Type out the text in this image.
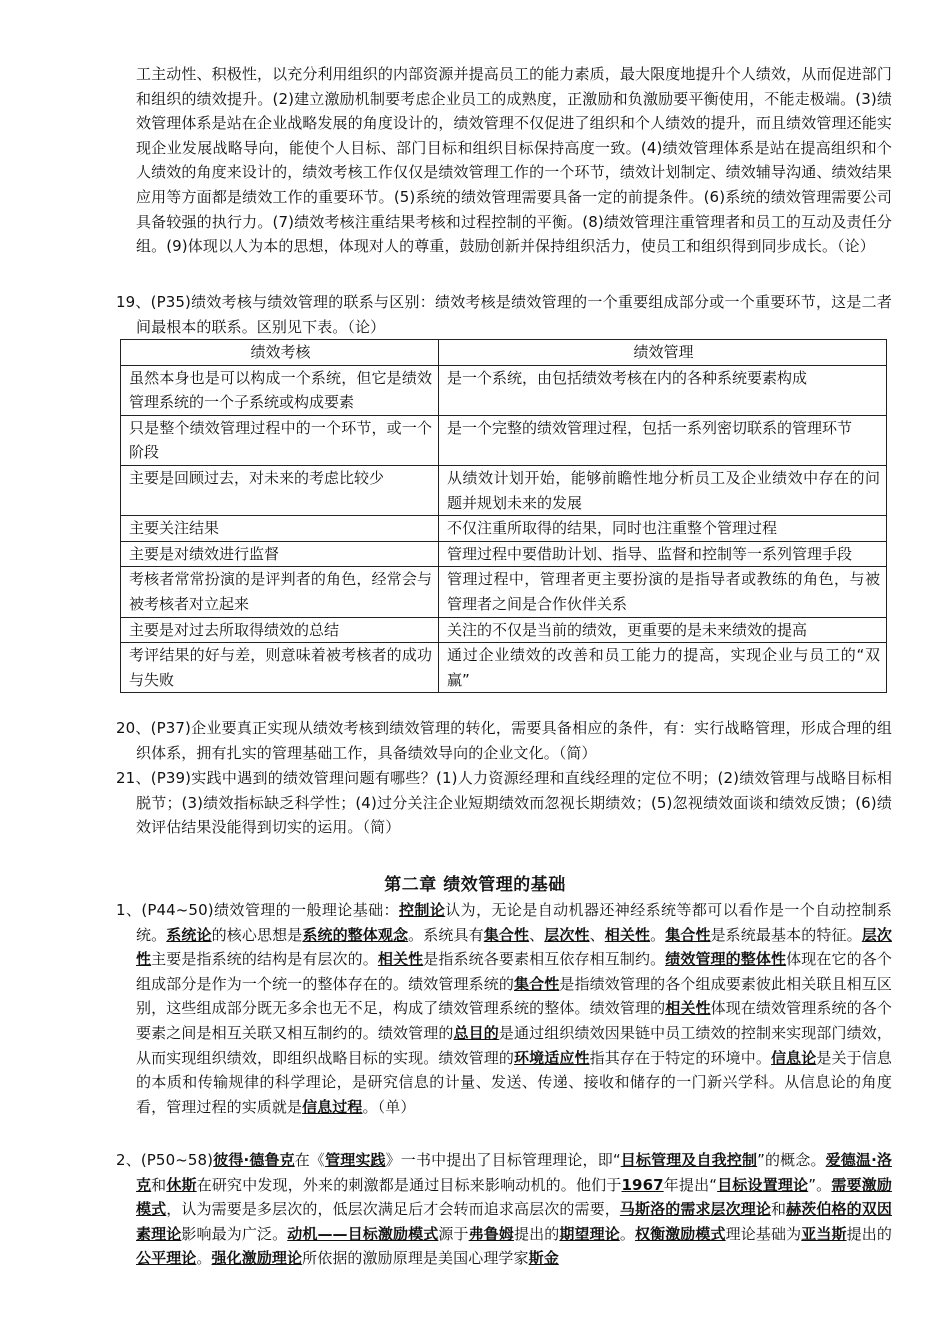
工主动性、积极性，以充分利用组织的内部资源并提高员工的能力素质，最大限度地提升个人绩效，从而促进部门和组织的绩效提升。(2)建立激励机制要考虑企业员工的成熟度，正激励和负激励要平衡使用，不能走极端。(3)绩效管理体系是站在企业战略发展的角度设计的，绩效管理不仅促进了组织和个人绩效的提升，而且绩效管理还能实现企业发展战略导向，能使个人目标、部门目标和组织目标保持高度一致。(4)绩效管理体系是站在提高组织和个人绩效的角度来设计的，绩效考核工作仅仅是绩效管理工作的一个环节，绩效计划制定、绩效辅导沟通、绩效结果应用等方面都是绩效工作的重要环节。(5)系统的绩效管理需要具备一定的前提条件。(6)系统的绩效管理需要公司具备较强的执行力。(7)绩效考核注重结果考核和过程控制的平衡。(8)绩效管理注重管理者和员工的互动及责任分组。(9)体现以人为本的思想，体现对人的尊重，鼓励创新并保持组织活力，使员工和组织得到同步成长。（论）
19、(P35)绩效考核与绩效管理的联系与区别：绩效考核是绩效管理的一个重要组成部分或一个重要环节，这是二者间最根本的联系。区别见下表。（论）
绩效考核	绩效管理
虽然本身也是可以构成一个系统，但它是绩效管理系统的一个子系统或构成要素	是一个系统，由包括绩效考核在内的各种系统要素构成
只是整个绩效管理过程中的一个环节，或一个阶段	是一个完整的绩效管理过程，包括一系列密切联系的管理环节
主要是回顾过去，对未来的考虑比较少	从绩效计划开始，能够前瞻性地分析员工及企业绩效中存在的问题并规划未来的发展
主要关注结果	不仅注重所取得的结果，同时也注重整个管理过程
主要是对绩效进行监督	管理过程中要借助计划、指导、监督和控制等一系列管理手段
考核者常常扮演的是评判者的角色，经常会与被考核者对立起来	管理过程中，管理者更主要扮演的是指导者或教练的角色，与被管理者之间是合作伙伴关系
主要是对过去所取得绩效的总结	关注的不仅是当前的绩效，更重要的是未来绩效的提高
考评结果的好与差，则意味着被考核者的成功与失败	通过企业绩效的改善和员工能力的提高，实现企业与员工的“双赢”
20、(P37)企业要真正实现从绩效考核到绩效管理的转化，需要具备相应的条件，有：实行战略管理，形成合理的组织体系，拥有扎实的管理基础工作，具备绩效导向的企业文化。（简）
21、(P39)实践中遇到的绩效管理问题有哪些？(1)人力资源经理和直线经理的定位不明；(2)绩效管理与战略目标相脱节；(3)绩效指标缺乏科学性；(4)过分关注企业短期绩效而忽视长期绩效；(5)忽视绩效面谈和绩效反馈；(6)绩效评估结果没能得到切实的运用。（简）
第二章 绩效管理的基础
1、(P44~50)绩效管理的一般理论基础：控制论认为，无论是自动机器还神经系统等都可以看作是一个自动控制系统。系统论的核心思想是系统的整体观念。系统具有集合性、层次性、相关性。集合性是系统最基本的特征。层次性主要是指系统的结构是有层次的。相关性是指系统各要素相互依存相互制约。绩效管理的整体性体现在它的各个组成部分是作为一个统一的整体存在的。绩效管理系统的集合性是指绩效管理的各个组成要素彼此相关联且相互区别，这些组成部分既无多余也无不足，构成了绩效管理系统的整体。绩效管理的相关性体现在绩效管理系统的各个要素之间是相互关联又相互制约的。绩效管理的总目的是通过组织绩效因果链中员工绩效的控制来实现部门绩效，从而实现组织绩效，即组织战略目标的实现。绩效管理的环境适应性指其存在于特定的环境中。信息论是关于信息的本质和传输规律的科学理论，是研究信息的计量、发送、传递、接收和储存的一门新兴学科。从信息论的角度看，管理过程的实质就是信息过程。（单）
2、(P50~58)彼得·德鲁克在《管理实践》一书中提出了目标管理理论，即“目标管理及自我控制”的概念。爱德温·洛克和休斯在研究中发现，外来的刺激都是通过目标来影响动机的。他们于1967年提出“目标设置理论”。需要激励模式，认为需要是多层次的，低层次满足后才会转而追求高层次的需要，马斯洛的需求层次理论和赫茨伯格的双因素理论影响最为广泛。动机——目标激励模式源于弗鲁姆提出的期望理论。权衡激励模式理论基础为亚当斯提出的公平理论。强化激励理论所依据的激励原理是美国心理学家斯金
